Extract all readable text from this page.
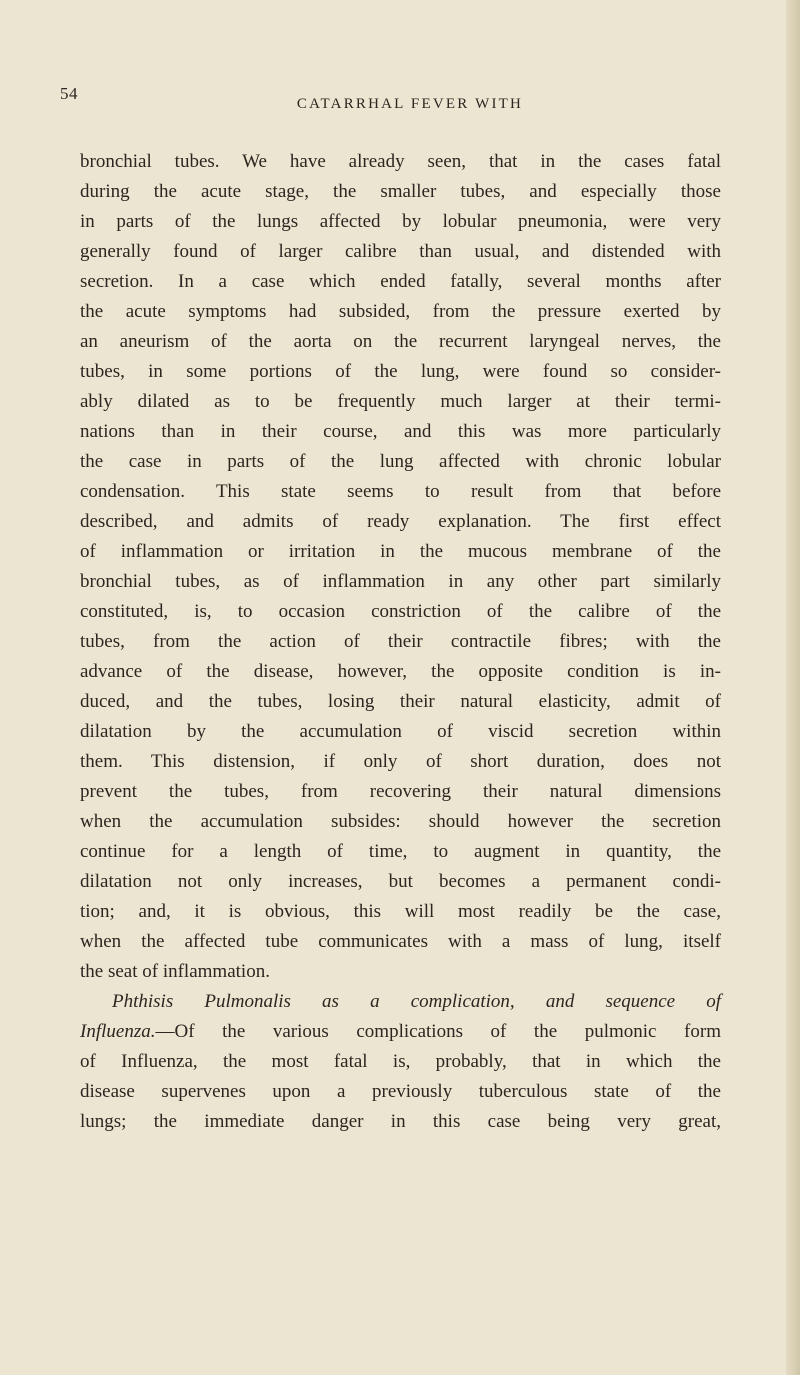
54
CATARRHAL FEVER WITH
bronchial tubes. We have already seen, that in the cases fatal
during the acute stage, the smaller tubes, and especially those
in parts of the lungs affected by lobular pneumonia, were very
generally found of larger calibre than usual, and distended with
secretion. In a case which ended fatally, several months after
the acute symptoms had subsided, from the pressure exerted by
an aneurism of the aorta on the recurrent laryngeal nerves, the
tubes, in some portions of the lung, were found so consider-
ably dilated as to be frequently much larger at their termi-
nations than in their course, and this was more particularly
the case in parts of the lung affected with chronic lobular
condensation. This state seems to result from that before
described, and admits of ready explanation. The first effect
of inflammation or irritation in the mucous membrane of the
bronchial tubes, as of inflammation in any other part similarly
constituted, is, to occasion constriction of the calibre of the
tubes, from the action of their contractile fibres; with the
advance of the disease, however, the opposite condition is in-
duced, and the tubes, losing their natural elasticity, admit of
dilatation by the accumulation of viscid secretion within
them. This distension, if only of short duration, does not
prevent the tubes, from recovering their natural dimensions
when the accumulation subsides: should however the secretion
continue for a length of time, to augment in quantity, the
dilatation not only increases, but becomes a permanent condi-
tion; and, it is obvious, this will most readily be the case,
when the affected tube communicates with a mass of lung, itself
the seat of inflammation.
Phthisis Pulmonalis as a complication, and sequence of
Influenza.—Of the various complications of the pulmonic form
of Influenza, the most fatal is, probably, that in which the
disease supervenes upon a previously tuberculous state of the
lungs; the immediate danger in this case being very great,
